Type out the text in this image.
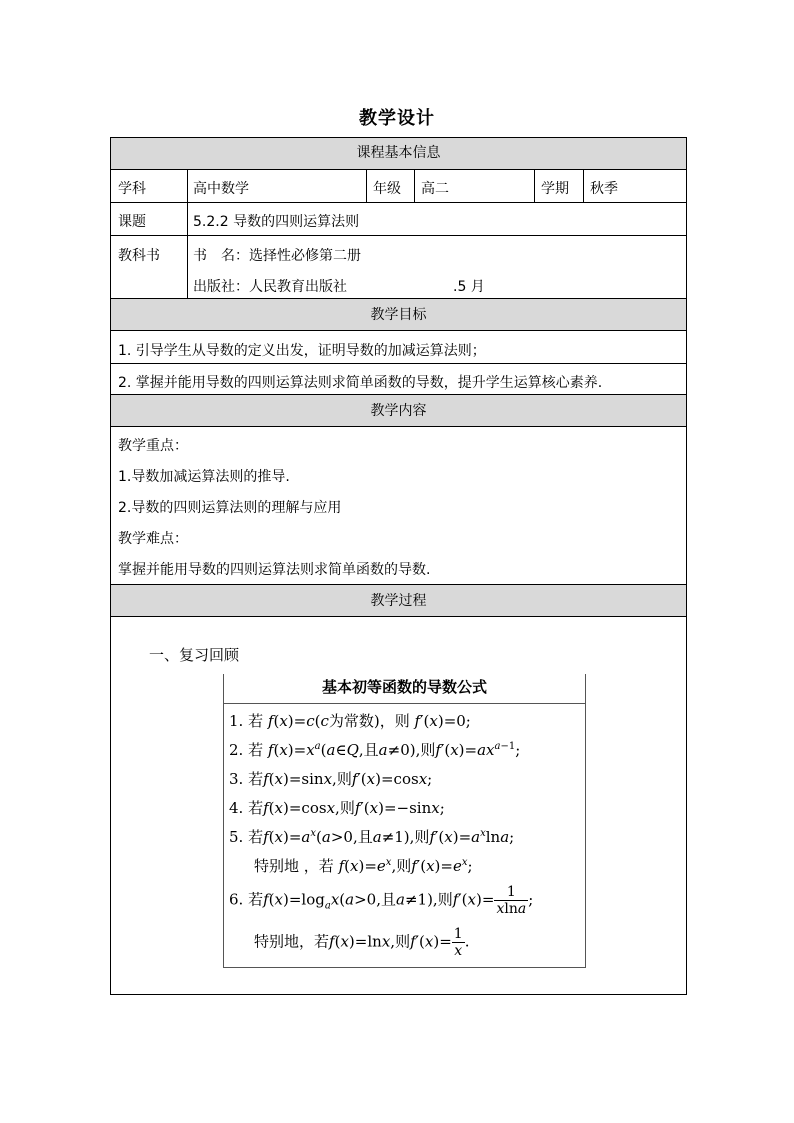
教学设计
课程基本信息
学科	高中数学	年级 高二	学期 秋季
课题	5.2.2 导数的四则运算法则
教科书 书　名：选择性必修第二册
出版社：人民教育出版社	.5 月
教学目标
1. 引导学生从导数的定义出发，证明导数的加减运算法则；
2. 掌握并能用导数的四则运算法则求简单函数的导数，提升学生运算核心素养.
教学内容
教学重点：
1.导数加减运算法则的推导.
2.导数的四则运算法则的理解与应用
教学难点：
掌握并能用导数的四则运算法则求简单函数的导数.
教学过程
一、复习回顾
基本初等函数的导数公式
1. 若 f(x)=c(c为常数)，则 f′(x)=0;
2. 若 $f(x)=x^a(a\in Q$,且a≠0),则$f'(x)=ax^{a-1}$;
3. 若f(x)=sinx,则f′(x)=cosx;
4. 若f(x)=cosx,则f′(x)=−sinx;
5. 若$f(x)=a^x(a>0$,且a≠1),则$f'(x)=a^x\ln a$;
特别地 ，若 $f(x)=e^x$,则$f'(x)=e^x$;
6. 若$f(x)=\log_ax(a>0$,且a≠1),则$f'(x)= \frac{1}{xlna}$ ;
特别地，若f(x)=lnx,则$f'(x)= \frac{1}{x}$ .
